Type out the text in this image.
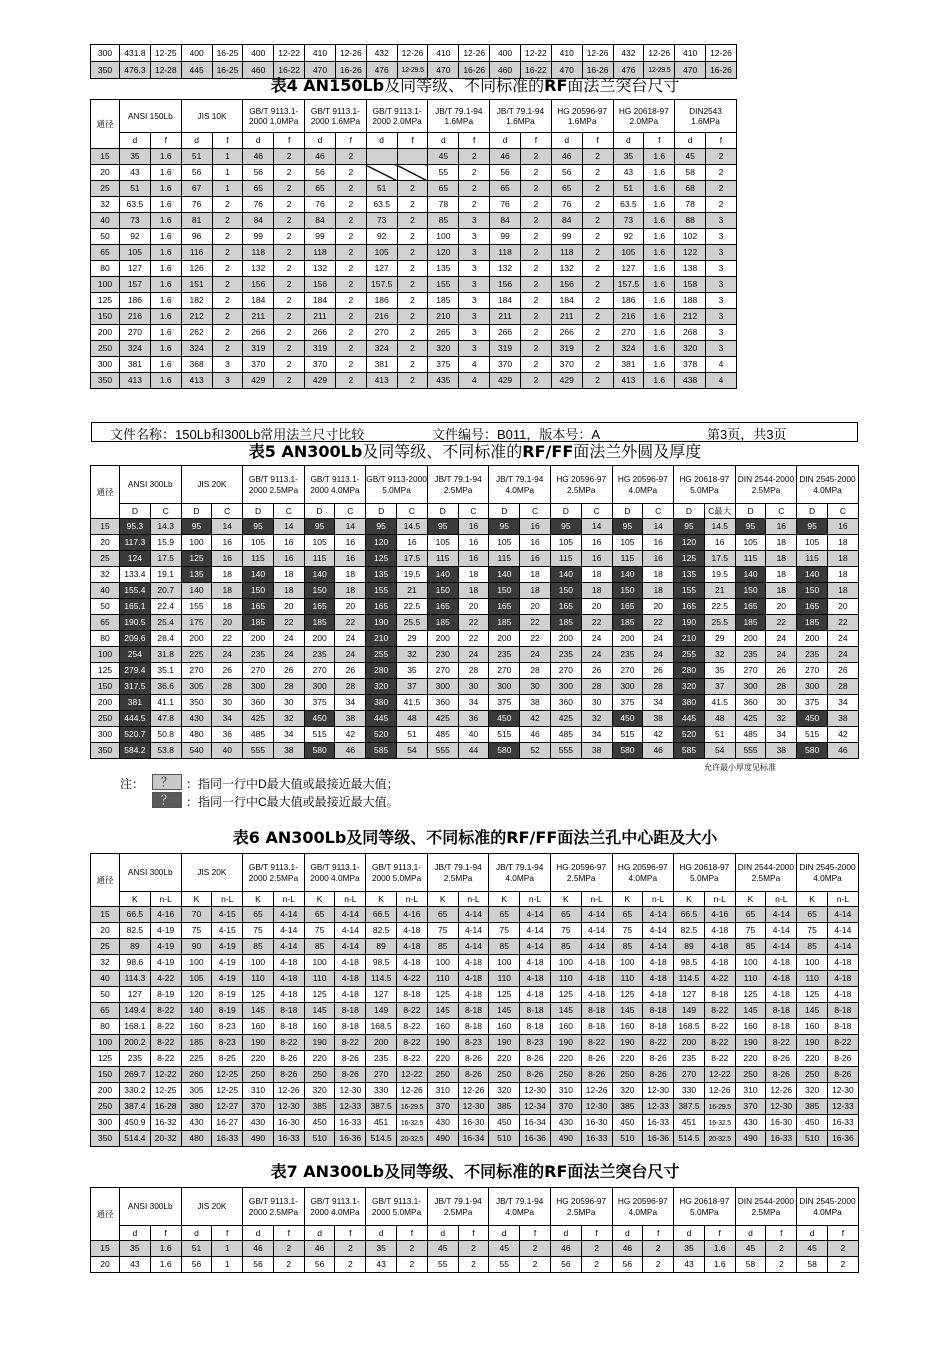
300	431.8	12-25	400	16-25	400	12-22	410	12-26	432	12-26	410	12-26	400	12-22	410	12-26	432	12-26	410	12-26
350	476.3	12-28	445	16-25	460	16-22	470	16-26	476	12-29.5	470	16-26	460	16-22	470	16-26	476	12-29.5	470	16-26
表4 AN150Lb及同等级、不同标准的RF面法兰突台尺寸
通径	ANSI 150Lb		JIS 10K		GB/T 9113.1-2000 1.0MPa		GB/T 9113.1-2000 1.6MPa		GB/T 9113.1-2000 2.0MPa		JB/T 79.1-94 1.6MPa		JB/T 79.1-94 1.6MPa		HG 20596-97 1.6MPa		HG 20618-97 2.0MPa		DIN2543 1.6MPa	
	d	f	d	f	d	f	d	f	d	f	d	f	d	f	d	f	d	f	d	f
15	35	1.6	51	1	46	2	46	2			45	2	46	2	46	2	35	1.6	45	2
20	43	1.6	56	1	56	2	56	2			55	2	56	2	56	2	43	1.6	58	2
25	51	1.6	67	1	65	2	65	2	51	2	65	2	65	2	65	2	51	1.6	68	2
32	63.5	1.6	76	2	76	2	76	2	63.5	2	78	2	76	2	76	2	63.5	1.6	78	2
40	73	1.6	81	2	84	2	84	2	73	2	85	3	84	2	84	2	73	1.6	88	3
50	92	1.6	96	2	99	2	99	2	92	2	100	3	99	2	99	2	92	1.6	102	3
65	105	1.6	116	2	118	2	118	2	105	2	120	3	118	2	118	2	105	1.6	122	3
80	127	1.6	126	2	132	2	132	2	127	2	135	3	132	2	132	2	127	1.6	138	3
100	157	1.6	151	2	156	2	156	2	157.5	2	155	3	156	2	156	2	157.5	1.6	158	3
125	186	1.6	182	2	184	2	184	2	186	2	185	3	184	2	184	2	186	1.6	188	3
150	216	1.6	212	2	211	2	211	2	216	2	210	3	211	2	211	2	216	1.6	212	3
200	270	1.6	262	2	266	2	266	2	270	2	265	3	266	2	266	2	270	1.6	268	3
250	324	1.6	324	2	319	2	319	2	324	2	320	3	319	2	319	2	324	1.6	320	3
300	381	1.6	368	3	370	2	370	2	381	2	375	4	370	2	370	2	381	1.6	378	4
350	413	1.6	413	3	429	2	429	2	413	2	435	4	429	2	429	2	413	1.6	438	4
文件名称：150Lb和300Lb常用法兰尺寸比较	文件编号：B011，版本号：A	第3页，共3页
表5 AN300Lb及同等级、不同标准的RF/FF面法兰外圆及厚度
通径	ANSI 300Lb		JIS 20K		GB/T 9113.1-2000 2.5MPa		GB/T 9113.1-2000 4.0MPa		GB/T 9113-2000 5.0MPa		JB/T 79.1-94 2.5MPa		JB/T 79.1-94 4.0MPa		HG 20596-97 2.5MPa		HG 20596-97 4.0MPa		HG 20618-97 5.0MPa		DIN 2544-2000 2.5MPa		DIN 2545-2000 4.0MPa	
	D	C	D	C	D	C	D	C	D	C	D	C	D	C	D	C	D	C	D	C最大	D	C	D	C
15	95.3	14.3	95	14	95	14	95	14	95	14.5	95	16	95	16	95	14	95	14	95	14.5	95	16	95	16
20	117.3	15.9	100	16	105	16	105	16	120	16	105	16	105	16	105	16	105	16	120	16	105	18	105	18
25	124	17.5	125	16	115	16	115	16	125	17.5	115	16	115	16	115	16	115	16	125	17.5	115	18	115	18
32	133.4	19.1	135	18	140	18	140	18	135	19.5	140	18	140	18	140	18	140	18	135	19.5	140	18	140	18
40	155.4	20.7	140	18	150	18	150	18	155	21	150	18	150	18	150	18	150	18	155	21	150	18	150	18
50	165.1	22.4	155	18	165	20	165	20	165	22.5	165	20	165	20	165	20	165	20	165	22.5	165	20	165	20
65	190.5	25.4	175	20	185	22	185	22	190	25.5	185	22	185	22	185	22	185	22	190	25.5	185	22	185	22
80	209.6	28.4	200	22	200	24	200	24	210	29	200	22	200	22	200	24	200	24	210	29	200	24	200	24
100	254	31.8	225	24	235	24	235	24	255	32	230	24	235	24	235	24	235	24	255	32	235	24	235	24
125	279.4	35.1	270	26	270	26	270	26	280	35	270	28	270	28	270	26	270	26	280	35	270	26	270	26
150	317.5	36.6	305	28	300	28	300	28	320	37	300	30	300	30	300	28	300	28	320	37	300	28	300	28
200	381	41.1	350	30	360	30	375	34	380	41.5	360	34	375	38	360	30	375	34	380	41.5	360	30	375	34
250	444.5	47.8	430	34	425	32	450	38	445	48	425	36	450	42	425	32	450	38	445	48	425	32	450	38
300	520.7	50.8	480	36	485	34	515	42	520	51	485	40	515	46	485	34	515	42	520	51	485	34	515	42
350	584.2	53.8	540	40	555	38	580	46	585	54	555	44	580	52	555	38	580	46	585	54	555	38	580	46
允许最小厚度见标准
注：	？	：指同一行中D最大值或最接近最大值；
？	：指同一行中C最大值或最接近最大值。
表6 AN300Lb及同等级、不同标准的RF/FF面法兰孔中心距及大小
通径	ANSI 300Lb		JIS 20K		GB/T 9113.1-2000 2.5MPa		GB/T 9113.1-2000 4.0MPa		GB/T 9113.1-2000 5.0MPa		JB/T 79.1-94 2.5MPa		JB/T 79.1-94 4.0MPa		HG 20596-97 2.5MPa		HG 20596-97 4.0MPa		HG 20618-97 5.0MPa		DIN 2544-2000 2.5MPa		DIN 2545-2000 4.0MPa	
	K	n-L	K	n-L	K	n-L	K	n-L	K	n-L	K	n-L	K	n-L	K	n-L	K	n-L	K	n-L	K	n-L	K	n-L
15	66.5	4-16	70	4-15	65	4-14	65	4-14	66.5	4-16	65	4-14	65	4-14	65	4-14	65	4-14	66.5	4-16	65	4-14	65	4-14
20	82.5	4-19	75	4-15	75	4-14	75	4-14	82.5	4-18	75	4-14	75	4-14	75	4-14	75	4-14	82.5	4-18	75	4-14	75	4-14
25	89	4-19	90	4-19	85	4-14	85	4-14	89	4-18	85	4-14	85	4-14	85	4-14	85	4-14	89	4-18	85	4-14	85	4-14
32	98.6	4-19	100	4-19	100	4-18	100	4-18	98.5	4-18	100	4-18	100	4-18	100	4-18	100	4-18	98.5	4-18	100	4-18	100	4-18
40	114.3	4-22	105	4-19	110	4-18	110	4-18	114.5	4-22	110	4-18	110	4-18	110	4-18	110	4-18	114.5	4-22	110	4-18	110	4-18
50	127	8-19	120	8-19	125	4-18	125	4-18	127	8-18	125	4-18	125	4-18	125	4-18	125	4-18	127	8-18	125	4-18	125	4-18
65	149.4	8-22	140	8-19	145	8-18	145	8-18	149	8-22	145	8-18	145	8-18	145	8-18	145	8-18	149	8-22	145	8-18	145	8-18
80	168.1	8-22	160	8-23	160	8-18	160	8-18	168.5	8-22	160	8-18	160	8-18	160	8-18	160	8-18	168.5	8-22	160	8-18	160	8-18
100	200.2	8-22	185	8-23	190	8-22	190	8-22	200	8-22	190	8-23	190	8-23	190	8-22	190	8-22	200	8-22	190	8-22	190	8-22
125	235	8-22	225	8-25	220	8-26	220	8-26	235	8-22	220	8-26	220	8-26	220	8-26	220	8-26	235	8-22	220	8-26	220	8-26
150	269.7	12-22	260	12-25	250	8-26	250	8-26	270	12-22	250	8-26	250	8-26	250	8-26	250	8-26	270	12-22	250	8-26	250	8-26
200	330.2	12-25	305	12-25	310	12-26	320	12-30	330	12-26	310	12-26	320	12-30	310	12-26	320	12-30	330	12-26	310	12-26	320	12-30
250	387.4	16-28	380	12-27	370	12-30	385	12-33	387.5	16-29.5	370	12-30	385	12-34	370	12-30	385	12-33	387.5	16-29.5	370	12-30	385	12-33
300	450.9	16-32	430	16-27	430	16-30	450	16-33	451	16-32.5	430	16-30	450	16-34	430	16-30	450	16-33	451	16-32.5	430	16-30	450	16-33
350	514.4	20-32	480	16-33	490	16-33	510	16-36	514.5	20-32.5	490	16-34	510	16-36	490	16-33	510	16-36	514.5	20-32.5	490	16-33	510	16-36
表7 AN300Lb及同等级、不同标准的RF面法兰突台尺寸
通径	ANSI 300Lb		JIS 20K		GB/T 9113.1-2000 2.5MPa		GB/T 9113.1-2000 4.0MPa		GB/T 9113.1-2000 5.0MPa		JB/T 79.1-94 2.5MPa		JB/T 79.1-94 4.0MPa		HG 20596-97 2.5MPa		HG 20596-97 4.0MPa		HG 20618-97 5.0MPa		DIN 2544-2000 2.5MPa		DIN 2545-2000 4.0MPa	
	d	f	d	f	d	f	d	f	d	f	d	f	d	f	d	f	d	f	d	f	d	f	d	f
15	35	1.6	51	1	46	2	46	2	35	2	45	2	45	2	46	2	46	2	35	1.6	45	2	45	2
20	43	1.6	56	1	56	2	56	2	43	2	55	2	55	2	56	2	56	2	43	1.6	58	2	58	2
